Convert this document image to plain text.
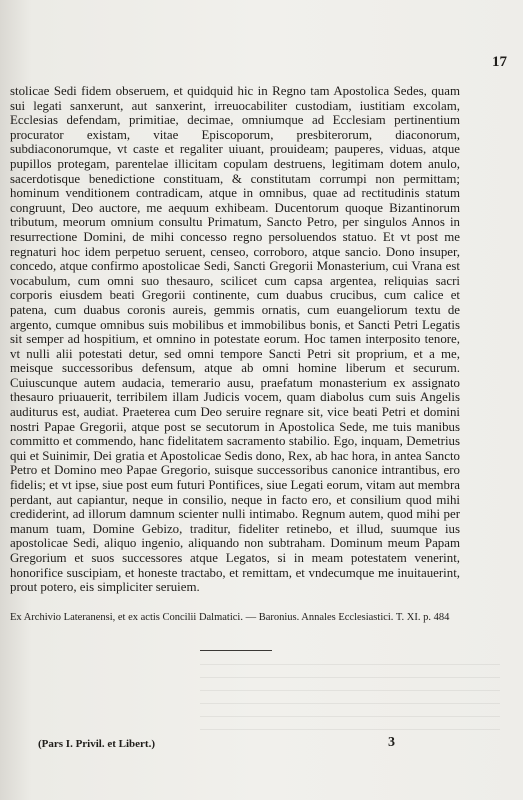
17

stolicae Sedi fidem obseruem, et quidquid hic in Regno tam Apostolica Sedes, quam sui legati sanxerunt, aut sanxerint, irreuocabiliter custodiam, iustitiam excolam, Ecclesias defendam, primitiae, decimae, omniumque ad Ecclesiam pertinentium procurator existam, vitae Episcoporum, presbiterorum, diaconorum, subdiaconorumque, vt caste et regaliter uiuant, prouideam; pauperes, viduas, atque pupillos protegam, parentelae illicitam copulam destruens, legitimam dotem anulo, sacerdotisque benedictione constituam, & constitutam corrumpi non permittam; hominum venditionem contradicam, atque in omnibus, quae ad rectitudinis statum congruunt, Deo auctore, me aequum exhibeam. Ducentorum quoque Bizantinorum tributum, meorum omnium consultu Primatum, Sancto Petro, per singulos Annos in resurrectione Domini, de mihi concesso regno persoluendos statuo. Et vt post me regnaturi hoc idem perpetuo seruent, censeo, corroboro, atque sancio. Dono insuper, concedo, atque confirmo apostolicae Sedi, Sancti Gregorii Monasterium, cui Vrana est vocabulum, cum omni suo thesauro, scilicet cum capsa argentea, reliquias sacri corporis eiusdem beati Gregorii continente, cum duabus crucibus, cum calice et patena, cum duabus coronis aureis, gemmis ornatis, cum euangeliorum textu de argento, cumque omnibus suis mobilibus et immobilibus bonis, et Sancti Petri Legatis sit semper ad hospitium, et omnino in potestate eorum. Hoc tamen interposito tenore, vt nulli alii potestati detur, sed omni tempore Sancti Petri sit proprium, et a me, meisque successoribus defensum, atque ab omni homine liberum et securum. Cuiuscunque autem audacia, temerario ausu, praefatum monasterium ex assignato thesauro priuauerit, terribilem illam Judicis vocem, quam diabolus cum suis Angelis auditurus est, audiat. Praeterea cum Deo seruire regnare sit, vice beati Petri et domini nostri Papae Gregorii, atque post se secutorum in Apostolica Sede, me tuis manibus committo et commendo, hanc fidelitatem sacramento stabilio. Ego, inquam, Demetrius qui et Suinimir, Dei gratia et Apostolicae Sedis dono, Rex, ab hac hora, in antea Sancto Petro et Domino meo Papae Gregorio, suisque successoribus canonice intrantibus, ero fidelis; et vt ipse, siue post eum futuri Pontifices, siue Legati eorum, vitam aut membra perdant, aut capiantur, neque in consilio, neque in facto ero, et consilium quod mihi crediderint, ad illorum damnum scienter nulli intimabo. Regnum autem, quod mihi per manum tuam, Domine Gebizo, traditur, fideliter retinebo, et illud, suumque ius apostolicae Sedi, aliquo ingenio, aliquando non subtraham. Dominum meum Papam Gregorium et suos successores atque Legatos, si in meam potestatem venerint, honorifice suscipiam, et honeste tractabo, et remittam, et vndecumque me inuitauerint, prout potero, eis simpliciter seruiem.

Ex Archivio Lateranensi, et ex actis Concilii Dalmatici. — Baronius. Annales Ecclesiastici. T. XI. p. 484

(Pars I. Privil. et Libert.)	3
